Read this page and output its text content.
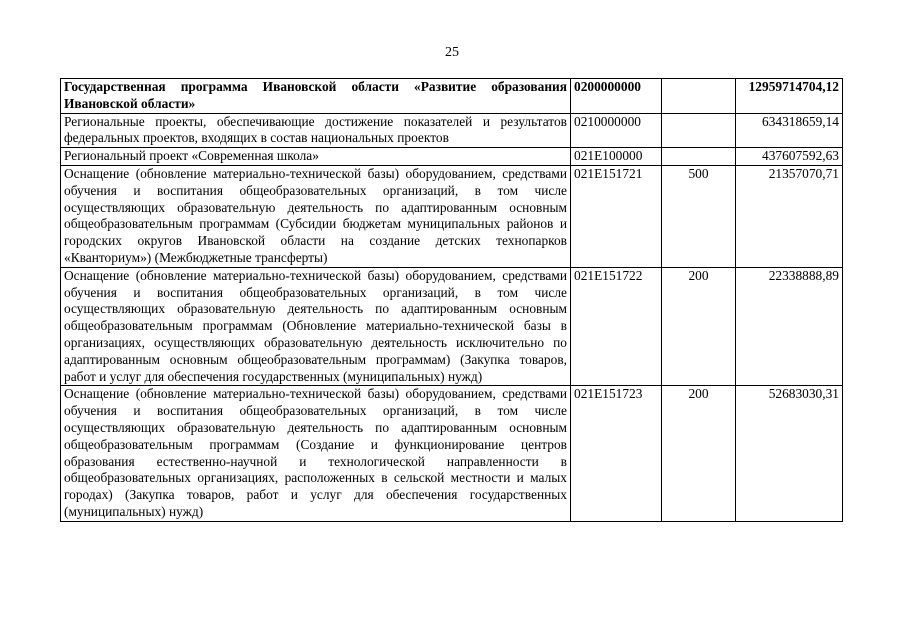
25
Государственная программа Ивановской области «Развитие образования Ивановской области»	0200000000		12959714704,12
Региональные проекты, обеспечивающие достижение показателей и результатов федеральных проектов, входящих в состав национальных проектов	0210000000		634318659,14
Региональный проект «Современная школа»	021E100000		437607592,63
Оснащение (обновление материально-технической базы) оборудованием, средствами обучения и воспитания общеобразовательных организаций, в том числе осуществляющих образовательную деятельность по адаптированным основным общеобразовательным программам (Субсидии бюджетам муниципальных районов и городских округов Ивановской области на создание детских технопарков «Кванториум») (Межбюджетные трансферты)	021E151721	500	21357070,71
Оснащение (обновление материально-технической базы) оборудованием, средствами обучения и воспитания общеобразовательных организаций, в том числе осуществляющих образовательную деятельность по адаптированным основным общеобразовательным программам (Обновление материально-технической базы в организациях, осуществляющих образовательную деятельность исключительно по адаптированным основным общеобразовательным программам) (Закупка товаров, работ и услуг для обеспечения государственных (муниципальных) нужд)	021E151722	200	22338888,89
Оснащение (обновление материально-технической базы) оборудованием, средствами обучения и воспитания общеобразовательных организаций, в том числе осуществляющих образовательную деятельность по адаптированным основным общеобразовательным программам (Создание и функционирование центров образования естественно-научной и технологической направленности в общеобразовательных организациях, расположенных в сельской местности и малых городах) (Закупка товаров, работ и услуг для обеспечения государственных (муниципальных) нужд)	021E151723	200	52683030,31
